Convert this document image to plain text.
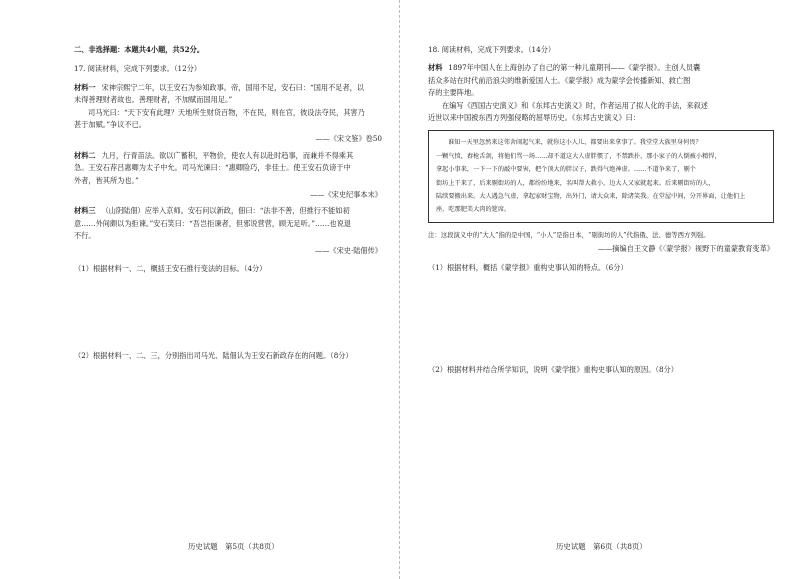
二、非选择题：本题共4小题，共52分。

17. 阅读材料，完成下列要求。（12分）

材料一 宋神宗熙宁二年，以王安石为参知政事。帝，国用不足，安石曰：“国用不足者，以

未得善理财者故也。善理财者，不加赋而国用足。”

司马光曰：“天下安有此理？天地所生财货百物，不在民，则在官，彼设法夺民，其害乃

甚于加赋。”争议不已。

——《宋文鉴》卷50

材料二 九月，行青苗法。欲以广蓄积，平物价，使农人有以赴时趋事，而兼并不得乘其

急。王安石荐吕惠卿为太子中允。司马光谏曰：“惠卿险巧，非佳士。使王安石负谤于中

外者，皆其所为也。”

——《宋史纪事本末》

材料三 （山阴陆佃）应举入京师。安石问以新政，佃曰：“法非不善，但推行不能如初

意……外间颇以为拒谏。”安石笑曰：“吾岂拒谏者，但邪说营营，顾无足听。”……也说退

不行。

——《宋史·陆佃传》

（1）根据材料一、二，概括王安石推行变法的目标。（4分）

（2）根据材料一、二、三，分别指出司马光、陆佃认为王安石新政存在的问题。（8分）

18. 阅读材料，完成下列要求。（14分）

材料 1897年中国人在上海创办了自己的第一种儿童期刊——《蒙学报》。主创人员囊

括众多站在时代前沿浪尖的维新爱国人士。《蒙学报》成为蒙学会传播新知、救亡图

存的主要阵地。

在编写《西国古史演义》和《东邦古史演义》时，作者运用了拟人化的手法，来叙述

近世以来中国被东西方列强侵略的屈辱历史。《东邦古史演义》曰：

谁知一天里忽然来这邻舍闹起气来，就你这小人儿，都要出来拿事了。我堂堂大族里身何畏？

一颗气愤，舂枪舌剑，将他们骂一场……却不道这大人虚胖惯了，不禁跌扑，那小家子的人倒被小精悍，

拿起小事来，一下一下的敲中要害，把个顶大的胖汉子，跌得气绝神虚。……不道争来了，剔个

街坊上干来了，后来剔街坊的人，都纷纷地来，名叫帮大救小，边大人又家就起来。后来剔街坊的人，

陆续要搬出来。大人遇急气虚，拿起家财宝物，出外门，请大众来，除诸笑我。在堂屋中间，分开界面，让他们上

座，吃那肥美大肉的筵席。

注：这段演义中的“大人”指的是中国，“小人”是指日本，“剔街坊的人”代指俄、法、德等西方列强。

——摘编自王文静《〈蒙学报〉视野下的童蒙教育变革》

（1）根据材料，概括《蒙学报》重构史事认知的特点。（6分）

（2）根据材料并结合所学知识，说明《蒙学报》重构史事认知的原因。（8分）

历史试题　第5页（共8页）	历史试题　第6页（共8页）
